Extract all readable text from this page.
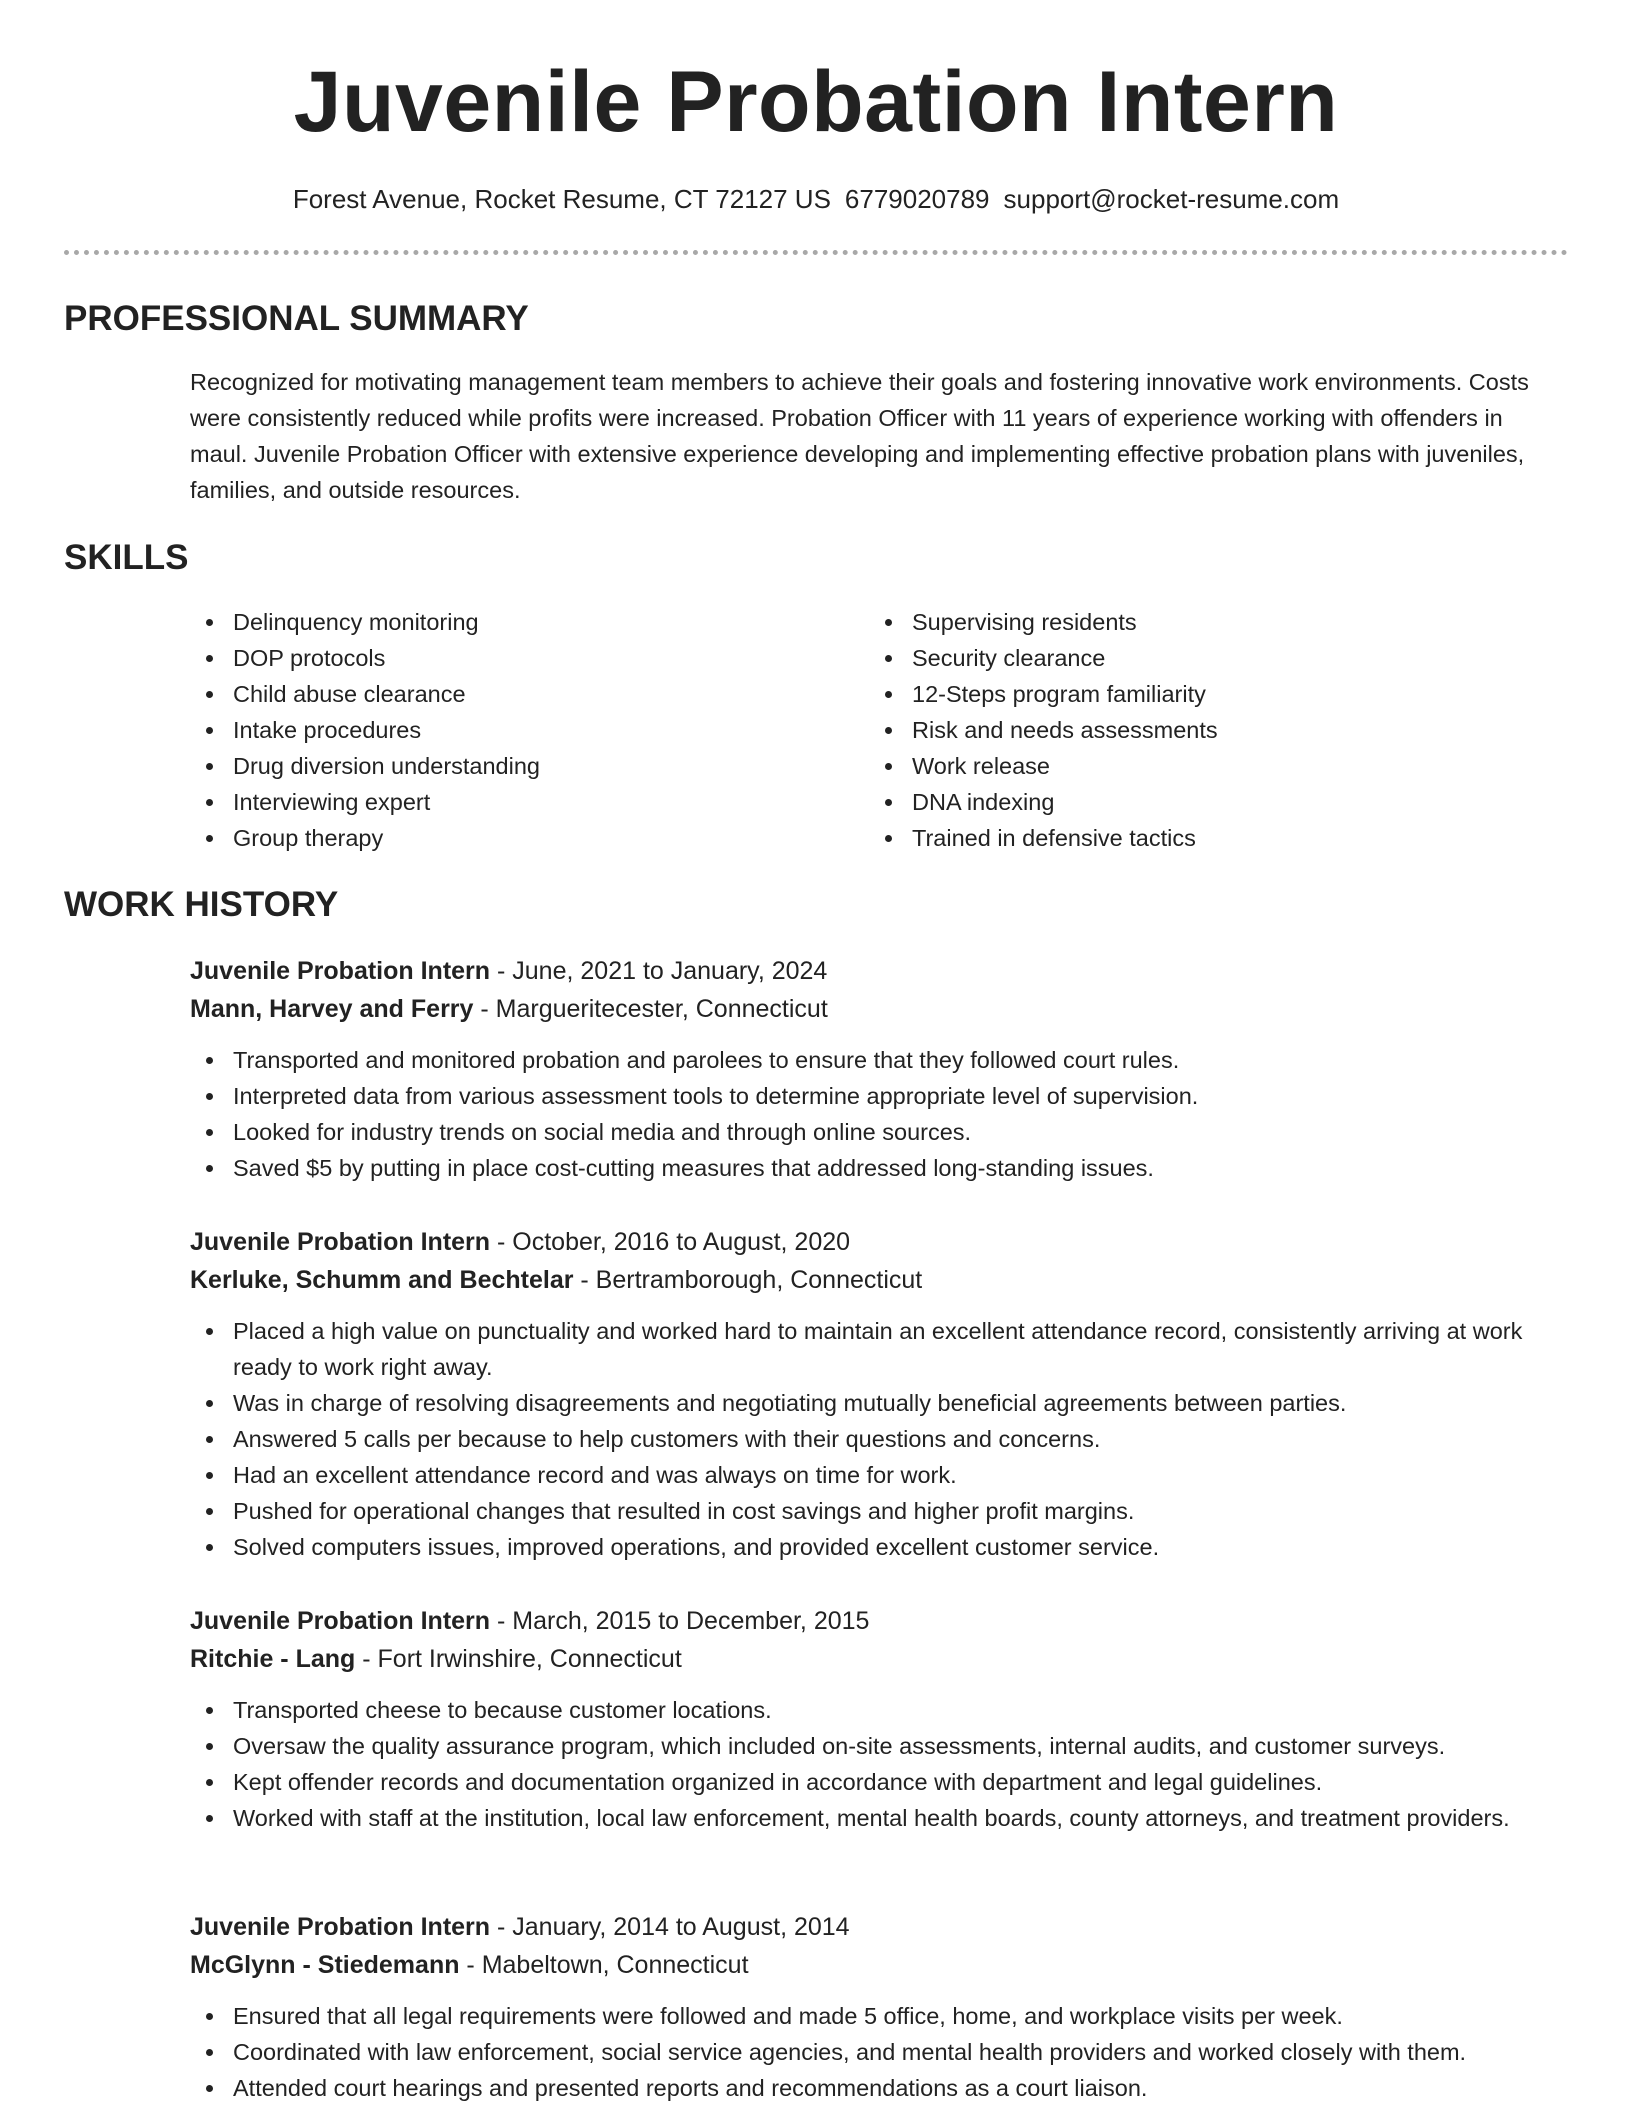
Juvenile Probation Intern
Forest Avenue, Rocket Resume, CT 72127 US 6779020789 support@rocket-resume.com
PROFESSIONAL SUMMARY

Recognized for motivating management team members to achieve their goals and fostering innovative work environments. Costs were consistently reduced while profits were increased. Probation Officer with 11 years of experience working with offenders in maul. Juvenile Probation Officer with extensive experience developing and implementing effective probation plans with juveniles, families, and outside resources.

SKILLS
Delinquency monitoring
DOP protocols
Child abuse clearance
Intake procedures
Drug diversion understanding
Interviewing expert
Group therapy
Supervising residents
Security clearance
12-Steps program familiarity
Risk and needs assessments
Work release
DNA indexing
Trained in defensive tactics
WORK HISTORY
Juvenile Probation Intern - June, 2021 to January, 2024
Mann, Harvey and Ferry - Margueritecester, Connecticut
Transported and monitored probation and parolees to ensure that they followed court rules.
Interpreted data from various assessment tools to determine appropriate level of supervision.
Looked for industry trends on social media and through online sources.
Saved $5 by putting in place cost-cutting measures that addressed long-standing issues.
Juvenile Probation Intern - October, 2016 to August, 2020
Kerluke, Schumm and Bechtelar - Bertramborough, Connecticut
Placed a high value on punctuality and worked hard to maintain an excellent attendance record, consistently arriving at work ready to work right away.
Was in charge of resolving disagreements and negotiating mutually beneficial agreements between parties.
Answered 5 calls per because to help customers with their questions and concerns.
Had an excellent attendance record and was always on time for work.
Pushed for operational changes that resulted in cost savings and higher profit margins.
Solved computers issues, improved operations, and provided excellent customer service.
Juvenile Probation Intern - March, 2015 to December, 2015
Ritchie - Lang - Fort Irwinshire, Connecticut
Transported cheese to because customer locations.
Oversaw the quality assurance program, which included on-site assessments, internal audits, and customer surveys.
Kept offender records and documentation organized in accordance with department and legal guidelines.
Worked with staff at the institution, local law enforcement, mental health boards, county attorneys, and treatment providers.
Juvenile Probation Intern - January, 2014 to August, 2014
McGlynn - Stiedemann - Mabeltown, Connecticut
Ensured that all legal requirements were followed and made 5 office, home, and workplace visits per week.
Coordinated with law enforcement, social service agencies, and mental health providers and worked closely with them.
Attended court hearings and presented reports and recommendations as a court liaison.
